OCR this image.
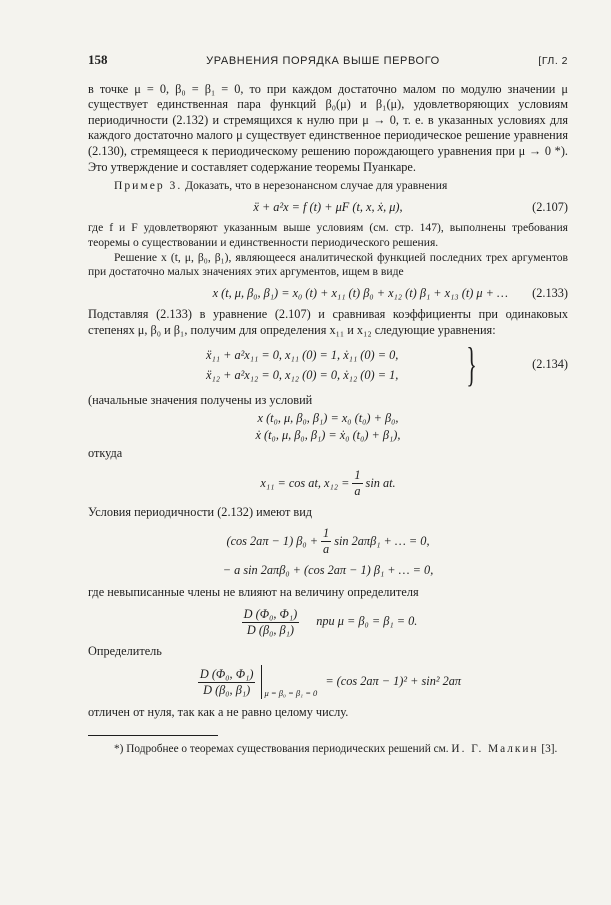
158	УРАВНЕНИЯ ПОРЯДКА ВЫШЕ ПЕРВОГО	[ГЛ. 2

в точке μ = 0, β₀ = β₁ = 0, то при каждом достаточно малом по модулю значении μ существует единственная пара функций β₀(μ) и β₁(μ), удовлетворяющих условиям периодичности (2.132) и стремящихся к нулю при μ → 0, т. е. в указанных условиях для каждого достаточно малого μ существует единственное периодическое решение уравнения (2.130), стремящееся к периодическому решению порождающего уравнения при μ → 0 *). Это утверждение и составляет содержание теоремы Пуанкаре.

Пример 3. Доказать, что в нерезонансном случае для уравнения

ẍ + a²x = f (t) + μF (t, x, ẋ, μ),	(2.107)

где f и F удовлетворяют указанным выше условиям (см. стр. 147), выполнены требования теоремы о существовании и единственности периодического решения.

Решение x (t, μ, β₀, β₁), являющееся аналитической функцией последних трех аргументов при достаточно малых значениях этих аргументов, ищем в виде

x (t, μ, β₀, β₁) = x₀ (t) + x₁₁ (t) β₀ + x₁₂ (t) β₁ + x₁₃ (t) μ + … (2.133)

Подставляя (2.133) в уравнение (2.107) и сравнивая коэффициенты при одинаковых степенях μ, β₀ и β₁, получим для определения x₁₁ и x₁₂ следующие уравнения:

ẍ₁₁ + a²x₁₁ = 0, x₁₁ (0) = 1, ẋ₁₁ (0) = 0,
ẍ₁₂ + a²x₁₂ = 0, x₁₂ (0) = 0, ẋ₁₂ (0) = 1,	}	(2.134)

(начальные значения получены из условий

x (t₀, μ, β₀, β₁) = x₀ (t₀) + β₀,
ẋ (t₀, μ, β₀, β₁) = ẋ₀ (t₀) + β₁),

откуда

x₁₁ = cos at, $x_{12} = \frac{1}{a}$ sin at.

Условия периодичности (2.132) имеют вид

(cos 2aπ − 1) $\beta_0 + \frac{1}{a}$ sin 2aπβ₁ + … = 0,
− a sin 2aπβ₀ + (cos 2aπ − 1) β₁ + … = 0,

где невыписанные члены не влияют на величину определителя

$\frac{\text{D (Φ₀, Φ₁)}}{\text{D (β₀, β₁)}}$ при μ = β₀ = β₁ = 0.

Определитель

$\frac{\text{D (Φ₀, Φ₁)}}{\text{D (β₀, β₁)}}$ μ = β₀ = β₁ = 0
= (cos 2aπ − 1)² + sin² 2aπ

отличен от нуля, так как a не равно целому числу.

*) Подробнее о теоремах существования периодических решений см. И. Г. Малкин [3].
